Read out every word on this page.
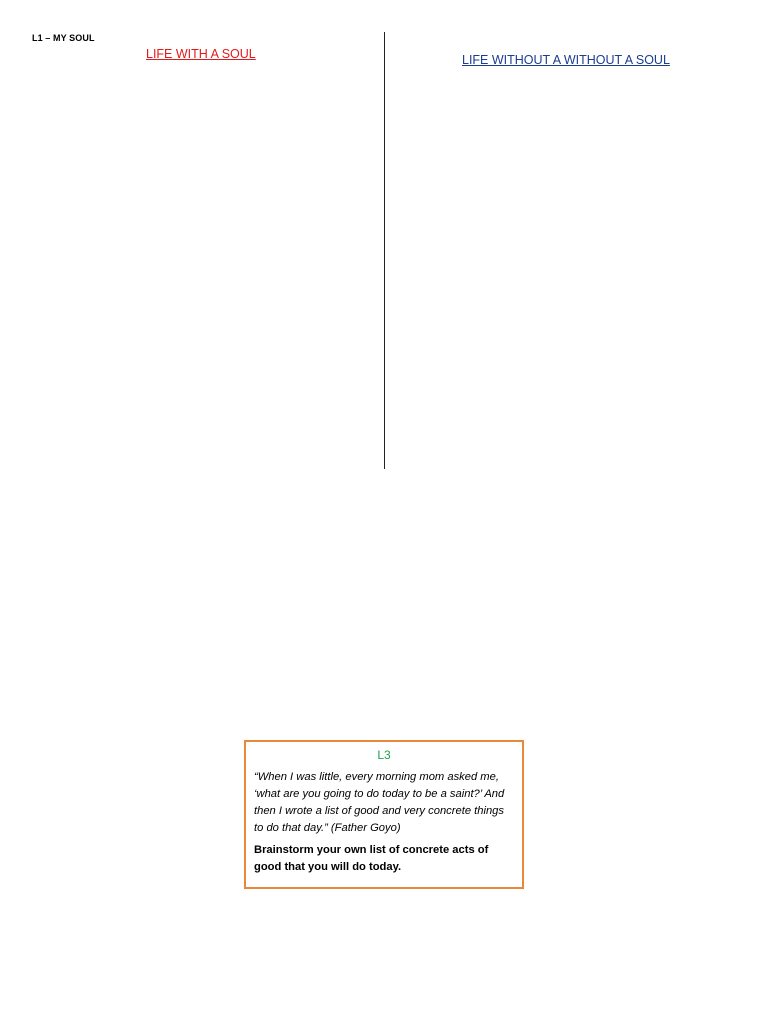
L1 – MY SOUL
LIFE WITH A SOUL	LIFE WITHOUT A WITHOUT A SOUL
L3

“When I was little, every morning mom asked me, ‘what are you going to do today to be a saint?’ And then I wrote a list of good and very concrete things to do that day.” (Father Goyo)

Brainstorm your own list of concrete acts of good that you will do today.
